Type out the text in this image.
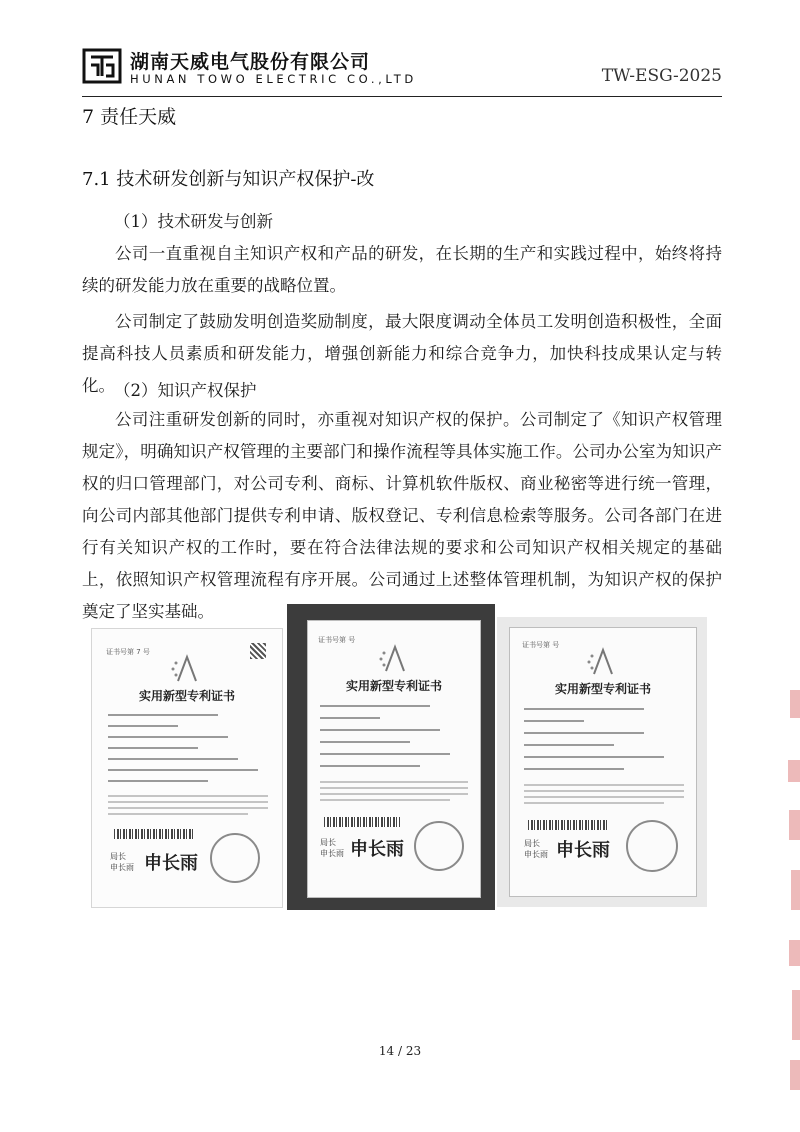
湖南天威电气股份有限公司
HUNAN TOWO ELECTRIC CO.,LTD	TW-ESG-2025
7 责任天威
7.1 技术研发创新与知识产权保护-改
（1）技术研发与创新

公司一直重视自主知识产权和产品的研发，在长期的生产和实践过程中，始终将持续的研发能力放在重要的战略位置。

公司制定了鼓励发明创造奖励制度，最大限度调动全体员工发明创造积极性，全面提高科技人员素质和研发能力，增强创新能力和综合竞争力，加快科技成果认定与转化。 （2）知识产权保护

公司注重研发创新的同时，亦重视对知识产权的保护。公司制定了《知识产权管理规定》，明确知识产权管理的主要部门和操作流程等具体实施工作。公司办公室为知识产权的归口管理部门，对公司专利、商标、计算机软件版权、商业秘密等进行统一管理，向公司内部其他部门提供专利申请、版权登记、专利信息检索等服务。公司各部门在进行有关知识产权的工作时，要在符合法律法规的要求和公司知识产权相关规定的基础上，依照知识产权管理流程有序开展。公司通过上述整体管理机制，为知识产权的保护奠定了坚实基础。

证书号第 7 号
实用新型专利证书
局长
申长雨 申长雨
证书号第 号
实用新型专利证书
局长
申长雨 申长雨
证书号第 号
实用新型专利证书
局长
申长雨 申长雨
14 / 23
